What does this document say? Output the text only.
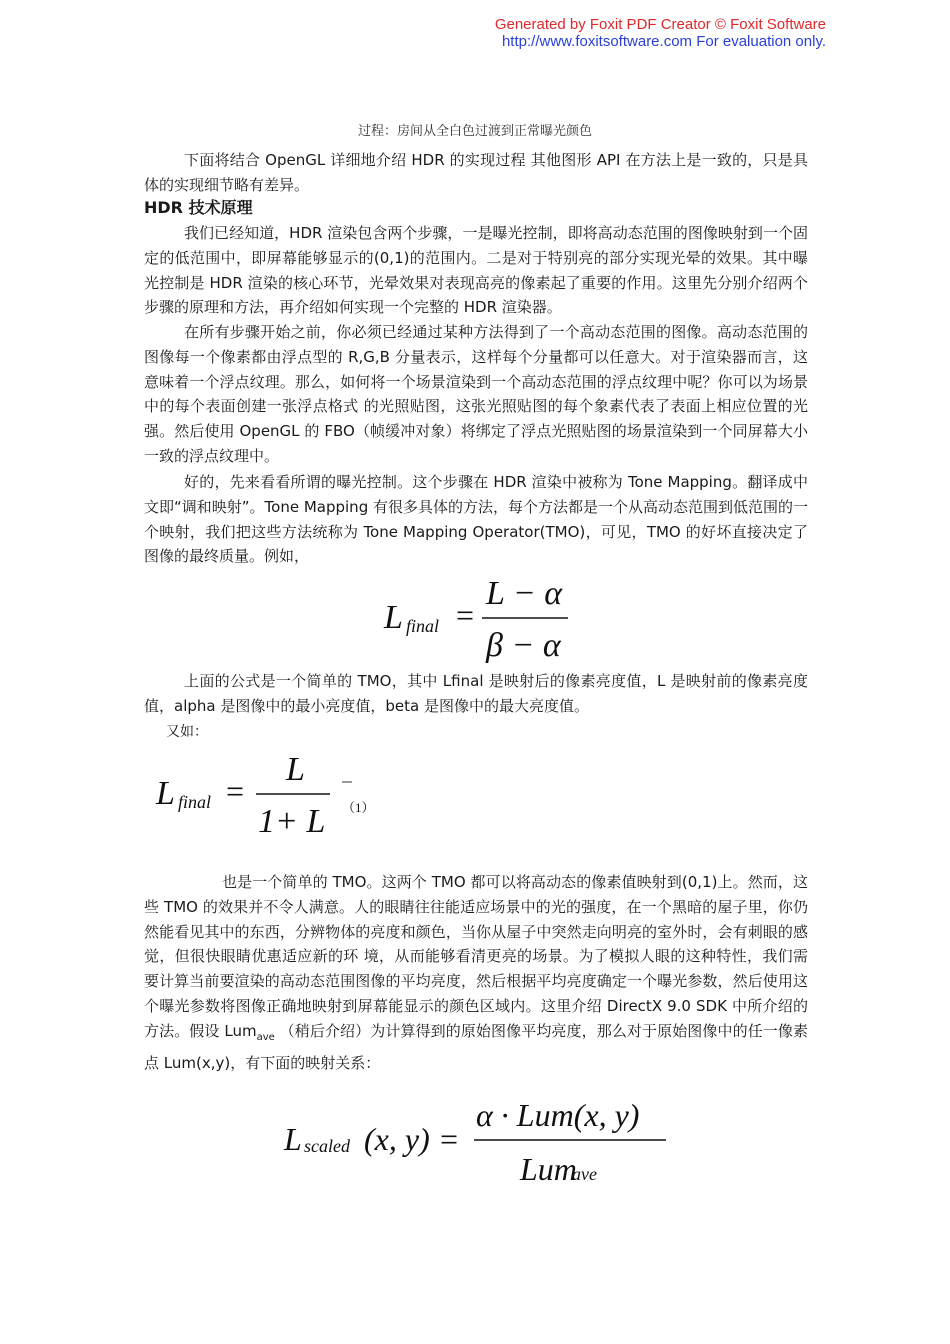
Generated by Foxit PDF Creator © Foxit Software
http://www.foxitsoftware.com For evaluation only.
过程：房间从全白色过渡到正常曝光颜色

下面将结合 OpenGL 详细地介绍 HDR 的实现过程 其他图形 API 在方法上是一致的，只是具体的实现细节略有差异。

HDR 技术原理

我们已经知道，HDR 渲染包含两个步骤，一是曝光控制，即将高动态范围的图像映射到一个固定的低范围中，即屏幕能够显示的(0,1)的范围内。二是对于特别亮的部分实现光晕的效果。其中曝光控制是 HDR 渲染的核心环节，光晕效果对表现高亮的像素起了重要的作用。这里先分别介绍两个步骤的原理和方法，再介绍如何实现一个完整的 HDR 渲染器。

在所有步骤开始之前，你必须已经通过某种方法得到了一个高动态范围的图像。高动态范围的图像每一个像素都由浮点型的 R,G,B 分量表示，这样每个分量都可以任意大。对于渲染器而言，这意味着一个浮点纹理。那么，如何将一个场景渲染到一个高动态范围的浮点纹理中呢？你可以为场景中的每个表面创建一张浮点格式 的光照贴图，这张光照贴图的每个象素代表了表面上相应位置的光强。然后使用 OpenGL 的 FBO（帧缓冲对象）将绑定了浮点光照贴图的场景渲染到一个同屏幕大小一致的浮点纹理中。

好的，先来看看所谓的曝光控制。这个步骤在 HDR 渲染中被称为 Tone Mapping。翻译成中文即“调和映射”。Tone Mapping 有很多具体的方法，每个方法都是一个从高动态范围到低范围的一个映射，我们把这些方法统称为 Tone Mapping Operator(TMO)，可见，TMO 的好坏直接决定了图像的最终质量。例如，

L final =
L − α
β − α

上面的公式是一个简单的 TMO，其中 Lfinal 是映射后的像素亮度值，L 是映射前的像素亮度值，alpha 是图像中的最小亮度值，beta 是图像中的最大亮度值。

又如：
L final =
L
1+ L （1）

也是一个简单的 TMO。这两个 TMO 都可以将高动态的像素值映射到(0,1)上。然而，这些 TMO 的效果并不令人满意。人的眼睛往往能适应场景中的光的强度，在一个黑暗的屋子里，你仍然能看见其中的东西，分辨物体的亮度和颜色，当你从屋子中突然走向明亮的室外时，会有刺眼的感觉，但很快眼睛优惠适应新的环 境，从而能够看清更亮的场景。为了模拟人眼的这种特性，我们需要计算当前要渲染的高动态范围图像的平均亮度，然后根据平均亮度确定一个曝光参数，然后使用这个曝光参数将图像正确地映射到屏幕能显示的颜色区域内。这里介绍 DirectX 9.0 SDK 中所介绍的方法。假设 Lum$_{ave}$ （稍后介绍）为计算得到的原始图像平均亮度，那么对于原始图像中的任一像素点 Lum(x,y)，有下面的映射关系：

L scaled (x, y) =
α · Lum(x, y)
Lum
ave
